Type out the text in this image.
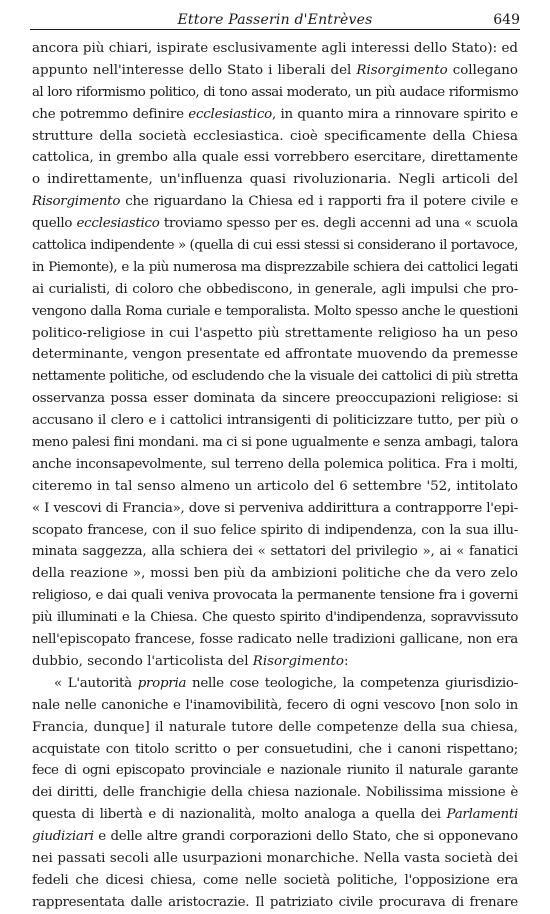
Ettore Passerin d'Entrèves	649
ancora più chiari, ispirate esclusivamente agli interessi dello Stato): ed
appunto nell'interesse dello Stato i liberali del Risorgimento collegano
al loro riformismo politico, di tono assai moderato, un più audace riformismo
che potremmo definire ecclesiastico, in quanto mira a rinnovare spirito e
strutture della società ecclesiastica. cioè specificamente della Chiesa
cattolica, in grembo alla quale essi vorrebbero esercitare, direttamente
o indirettamente, un'influenza quasi rivoluzionaria. Negli articoli del
Risorgimento che riguardano la Chiesa ed i rapporti fra il potere civile e
quello ecclesiastico troviamo spesso per es. degli accenni ad una « scuola
cattolica indipendente » (quella di cui essi stessi si considerano il portavoce,
in Piemonte), e la più numerosa ma disprezzabile schiera dei cattolici legati
ai curialisti, di coloro che obbediscono, in generale, agli impulsi che pro-
vengono dalla Roma curiale e temporalista. Molto spesso anche le questioni
politico-religiose in cui l'aspetto più strettamente religioso ha un peso
determinante, vengon presentate ed affrontate muovendo da premesse
nettamente politiche, od escludendo che la visuale dei cattolici di più stretta
osservanza possa esser dominata da sincere preoccupazioni religiose: si
accusano il clero e i cattolici intransigenti di politicizzare tutto, per più o
meno palesi fini mondani. ma ci si pone ugualmente e senza ambagi, talora
anche inconsapevolmente, sul terreno della polemica politica. Fra i molti,
citeremo in tal senso almeno un articolo del 6 settembre '52, intitolato
« I vescovi di Francia», dove si perveniva addirittura a contrapporre l'epi-
scopato francese, con il suo felice spirito di indipendenza, con la sua illu-
minata saggezza, alla schiera dei « settatori del privilegio », ai « fanatici
della reazione », mossi ben più da ambizioni politiche che da vero zelo
religioso, e dai quali veniva provocata la permanente tensione fra i governi
più illuminati e la Chiesa. Che questo spirito d'indipendenza, sopravvissuto
nell'episcopato francese, fosse radicato nelle tradizioni gallicane, non era
dubbio, secondo l'articolista del Risorgimento:
« L'autorità propria nelle cose teologiche, la competenza giurisdizio-
nale nelle canoniche e l'inamovibilità, fecero di ogni vescovo [non solo in
Francia, dunque] il naturale tutore delle competenze della sua chiesa,
acquistate con titolo scritto o per consuetudini, che i canoni rispettano;
fece di ogni episcopato provinciale e nazionale riunito il naturale garante
dei diritti, delle franchigie della chiesa nazionale. Nobilissima missione è
questa di libertà e di nazionalità, molto analoga a quella dei Parlamenti
giudiziari e delle altre grandi corporazioni dello Stato, che si opponevano
nei passati secoli alle usurpazioni monarchiche. Nella vasta società dei
fedeli che dicesi chiesa, come nelle società politiche, l'opposizione era
rappresentata dalle aristocrazie. Il patriziato civile procurava di frenare
